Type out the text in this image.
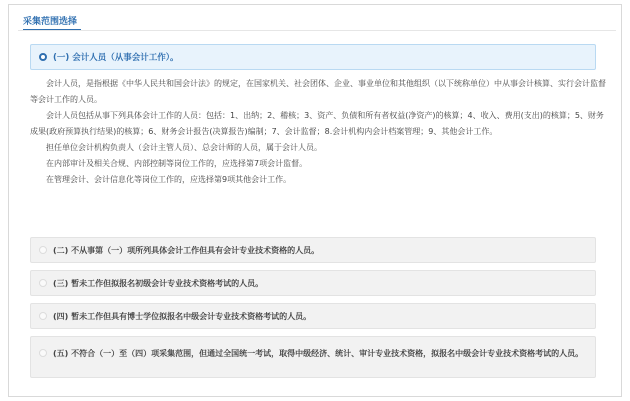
采集范围选择
(一) 会计人员（从事会计工作）。

会计人员，是指根据《中华人民共和国会计法》的规定，在国家机关、社会团体、企业、事业单位和其他组织（以下统称单位）中从事会计核算、实行会计监督等会计工作的人员。

会计人员包括从事下列具体会计工作的人员：包括：1、出纳；2、稽核；3、资产、负债和所有者权益(净资产)的核算；4、收入、费用(支出)的核算；5、财务成果(政府预算执行结果)的核算；6、财务会计报告(决算报告)编制；7、会计监督；8.会计机构内会计档案管理；9、其他会计工作。

担任单位会计机构负责人（会计主管人员）、总会计师的人员，属于会计人员。

在内部审计及相关合规、内部控制等岗位工作的，应选择第7项会计监督。

在管理会计、会计信息化等岗位工作的，应选择第9项其他会计工作。

(二) 不从事第（一）项所列具体会计工作但具有会计专业技术资格的人员。
(三) 暂未工作但拟报名初级会计专业技术资格考试的人员。
(四) 暂未工作但具有博士学位拟报名中级会计专业技术资格考试的人员。
(五) 不符合（一）至（四）项采集范围，但通过全国统一考试，取得中级经济、统计、审计专业技术资格，拟报名中级会计专业技术资格考试的人员。
